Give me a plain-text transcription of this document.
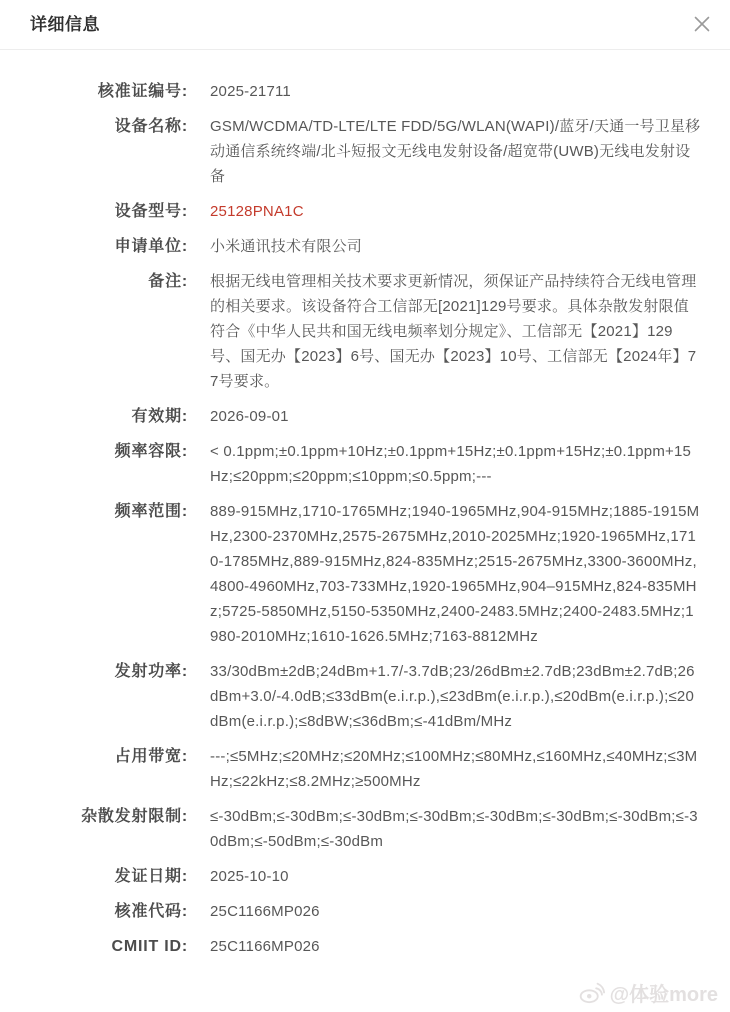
详细信息
核准证编号: 2025-21711
设备名称: GSM/WCDMA/TD-LTE/LTE FDD/5G/WLAN(WAPI)/蓝牙/天通一号卫星移动通信系统终端/北斗短报文无线电发射设备/超宽带(UWB)无线电发射设备
设备型号: 25128PNA1C
申请单位: 小米通讯技术有限公司
备注: 根据无线电管理相关技术要求更新情况，须保证产品持续符合无线电管理的相关要求。该设备符合工信部无[2021]129号要求。具体杂散发射限值符合《中华人民共和国无线电频率划分规定》、工信部无【2021】129号、国无办【2023】6号、国无办【2023】10号、工信部无【2024年】77号要求。
有效期: 2026-09-01
频率容限: < 0.1ppm;±0.1ppm+10Hz;±0.1ppm+15Hz;±0.1ppm+15Hz;±0.1ppm+15Hz;≤20ppm;≤20ppm;≤10ppm;≤0.5ppm;---
频率范围: 889-915MHz,1710-1765MHz;1940-1965MHz,904-915MHz;1885-1915MHz,2300-2370MHz,2575-2675MHz,2010-2025MHz;1920-1965MHz,1710-1785MHz,889-915MHz,824-835MHz;2515-2675MHz,3300-3600MHz,4800-4960MHz,703-733MHz,1920-1965MHz,904–915MHz,824-835MHz;5725-5850MHz,5150-5350MHz,2400-2483.5MHz;2400-2483.5MHz;1980-2010MHz;1610-1626.5MHz;7163-8812MHz
发射功率: 33/30dBm±2dB;24dBm+1.7/-3.7dB;23/26dBm±2.7dB;23dBm±2.7dB;26dBm+3.0/-4.0dB;≤33dBm(e.i.r.p.),≤23dBm(e.i.r.p.),≤20dBm(e.i.r.p.);≤20dBm(e.i.r.p.);≤8dBW;≤36dBm;≤-41dBm/MHz
占用带宽: ---;≤5MHz;≤20MHz;≤20MHz;≤100MHz;≤80MHz,≤160MHz,≤40MHz;≤3MHz;≤22kHz;≤8.2MHz;≥500MHz
杂散发射限制: ≤-30dBm;≤-30dBm;≤-30dBm;≤-30dBm;≤-30dBm;≤-30dBm;≤-30dBm;≤-30dBm;≤-50dBm;≤-30dBm
发证日期: 2025-10-10
核准代码: 25C1166MP026
CMIIT ID: 25C1166MP026
@体验more
